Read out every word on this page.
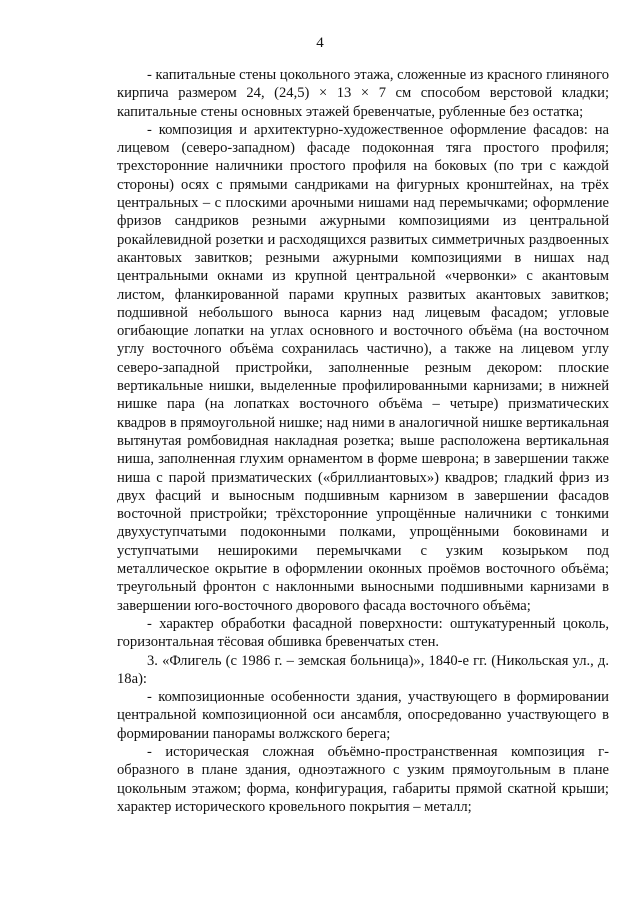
4

- капитальные стены цокольного этажа, сложенные из красного глиняного кирпича размером 24, (24,5) × 13 × 7 см способом верстовой кладки; капитальные стены основных этажей бревенчатые, рубленные без остатка;

- композиция и архитектурно-художественное оформление фасадов: на лицевом (северо-западном) фасаде подоконная тяга простого профиля; трехсторонние наличники простого профиля на боковых (по три с каждой стороны) осях с прямыми сандриками на фигурных кронштейнах, на трёх центральных – с плоскими арочными нишами над перемычками; оформление фризов сандриков резными ажурными композициями из центральной рокайлевидной розетки и расходящихся развитых симметричных раздвоенных акантовых завитков; резными ажурными композициями в нишах над центральными окнами из крупной центральной «червонки» с акантовым листом, фланкированной парами крупных развитых акантовых завитков; подшивной небольшого выноса карниз над лицевым фасадом; угловые огибающие лопатки на углах основного и восточного объёма (на восточном углу восточного объёма сохранилась частично), а также на лицевом углу северо-западной пристройки, заполненные резным декором: плоские вертикальные нишки, выделенные профилированными карнизами; в нижней нишке пара (на лопатках восточного объёма – четыре) призматических квадров в прямоугольной нишке; над ними в аналогичной нишке вертикальная вытянутая ромбовидная накладная розетка; выше расположена вертикальная ниша, заполненная глухим орнаментом в форме шеврона; в завершении также ниша с парой призматических («бриллиантовых») квадров; гладкий фриз из двух фасций и выносным подшивным карнизом в завершении фасадов восточной пристройки; трёхсторонние упрощённые наличники с тонкими двухуступчатыми подоконными полками, упрощёнными боковинами и уступчатыми неширокими перемычками с узким козырьком под металлическое окрытие в оформлении оконных проёмов восточного объёма; треугольный фронтон с наклонными выносными подшивными карнизами в завершении юго-восточного дворового фасада восточного объёма;

- характер обработки фасадной поверхности: оштукатуренный цоколь, горизонтальная тёсовая обшивка бревенчатых стен.

3. «Флигель (с 1986 г. – земская больница)», 1840-е гг. (Никольская ул., д. 18а):

- композиционные особенности здания, участвующего в формировании центральной композиционной оси ансамбля, опосредованно участвующего в формировании панорамы волжского берега;

- историческая сложная объёмно-пространственная композиция г-образного в плане здания, одноэтажного с узким прямоугольным в плане цокольным этажом; форма, конфигурация, габариты прямой скатной крыши; характер исторического кровельного покрытия – металл;
